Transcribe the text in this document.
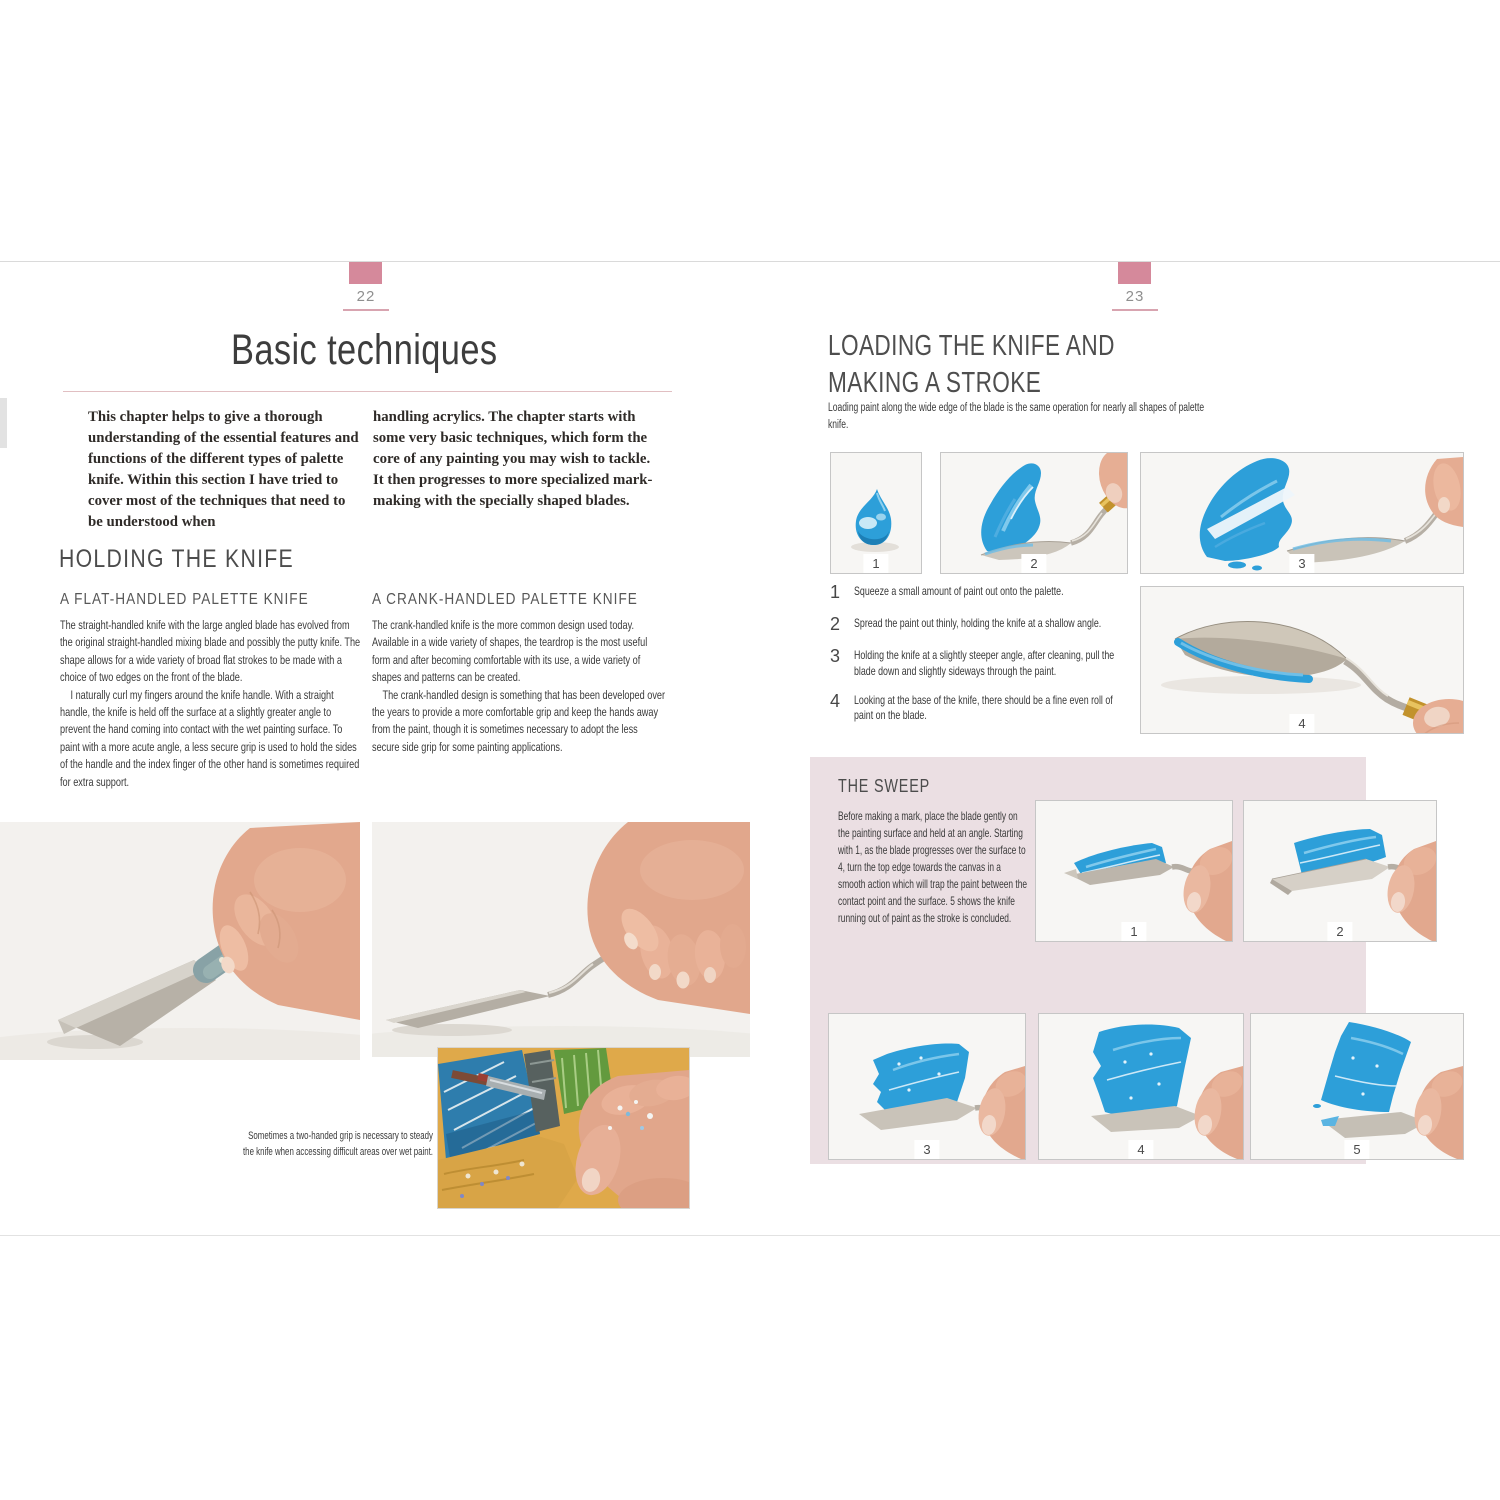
22
Basic techniques
This chapter helps to give a thorough understanding of the essential features and functions of the different types of palette knife. Within this section I have tried to cover most of the techniques that need to be understood when
handling acrylics. The chapter starts with some very basic techniques, which form the core of any painting you may wish to tackle. It then progresses to more specialized mark-making with the specially shaped blades.
HOLDING THE KNIFE
A FLAT-HANDLED PALETTE KNIFE	A CRANK-HANDLED PALETTE KNIFE

The straight-handled knife with the large angled blade has evolved from the original straight-handled mixing blade and possibly the putty knife. The shape allows for a wide variety of broad flat strokes to be made with a choice of two edges on the front of the blade.

I naturally curl my fingers around the knife handle. With a straight handle, the knife is held off the surface at a slightly greater angle to prevent the hand coming into contact with the wet painting surface. To paint with a more acute angle, a less secure grip is used to hold the sides of the handle and the index finger of the other hand is sometimes required for extra support.

The crank-handled knife is the more common design used today. Available in a wide variety of shapes, the teardrop is the most useful form and after becoming comfortable with its use, a wide variety of shapes and patterns can be created.

The crank-handled design is something that has been developed over the years to provide a more comfortable grip and keep the hands away from the paint, though it is sometimes necessary to adopt the less secure side grip for some painting applications.

Sometimes a two-handed grip is necessary to steady the knife when accessing difficult areas over wet paint.
23
LOADING THE KNIFE AND
MAKING A STROKE
Loading paint along the wide edge of the blade is the same operation for nearly all shapes of palette knife.
1	2	3
1	Squeeze a small amount of paint out onto the palette.
2	Spread the paint out thinly, holding the knife at a shallow angle.
3	Holding the knife at a slightly steeper angle, after cleaning, pull the blade down and slightly sideways through the paint.
4	Looking at the base of the knife, there should be a fine even roll of paint on the blade.
4
THE SWEEP
Before making a mark, place the blade gently on the painting surface and held at an angle. Starting with 1, as the blade progresses over the surface to 4, turn the top edge towards the canvas in a smooth action which will trap the paint between the contact point and the surface. 5 shows the knife running out of paint as the stroke is concluded.
1	2
3	4	5
